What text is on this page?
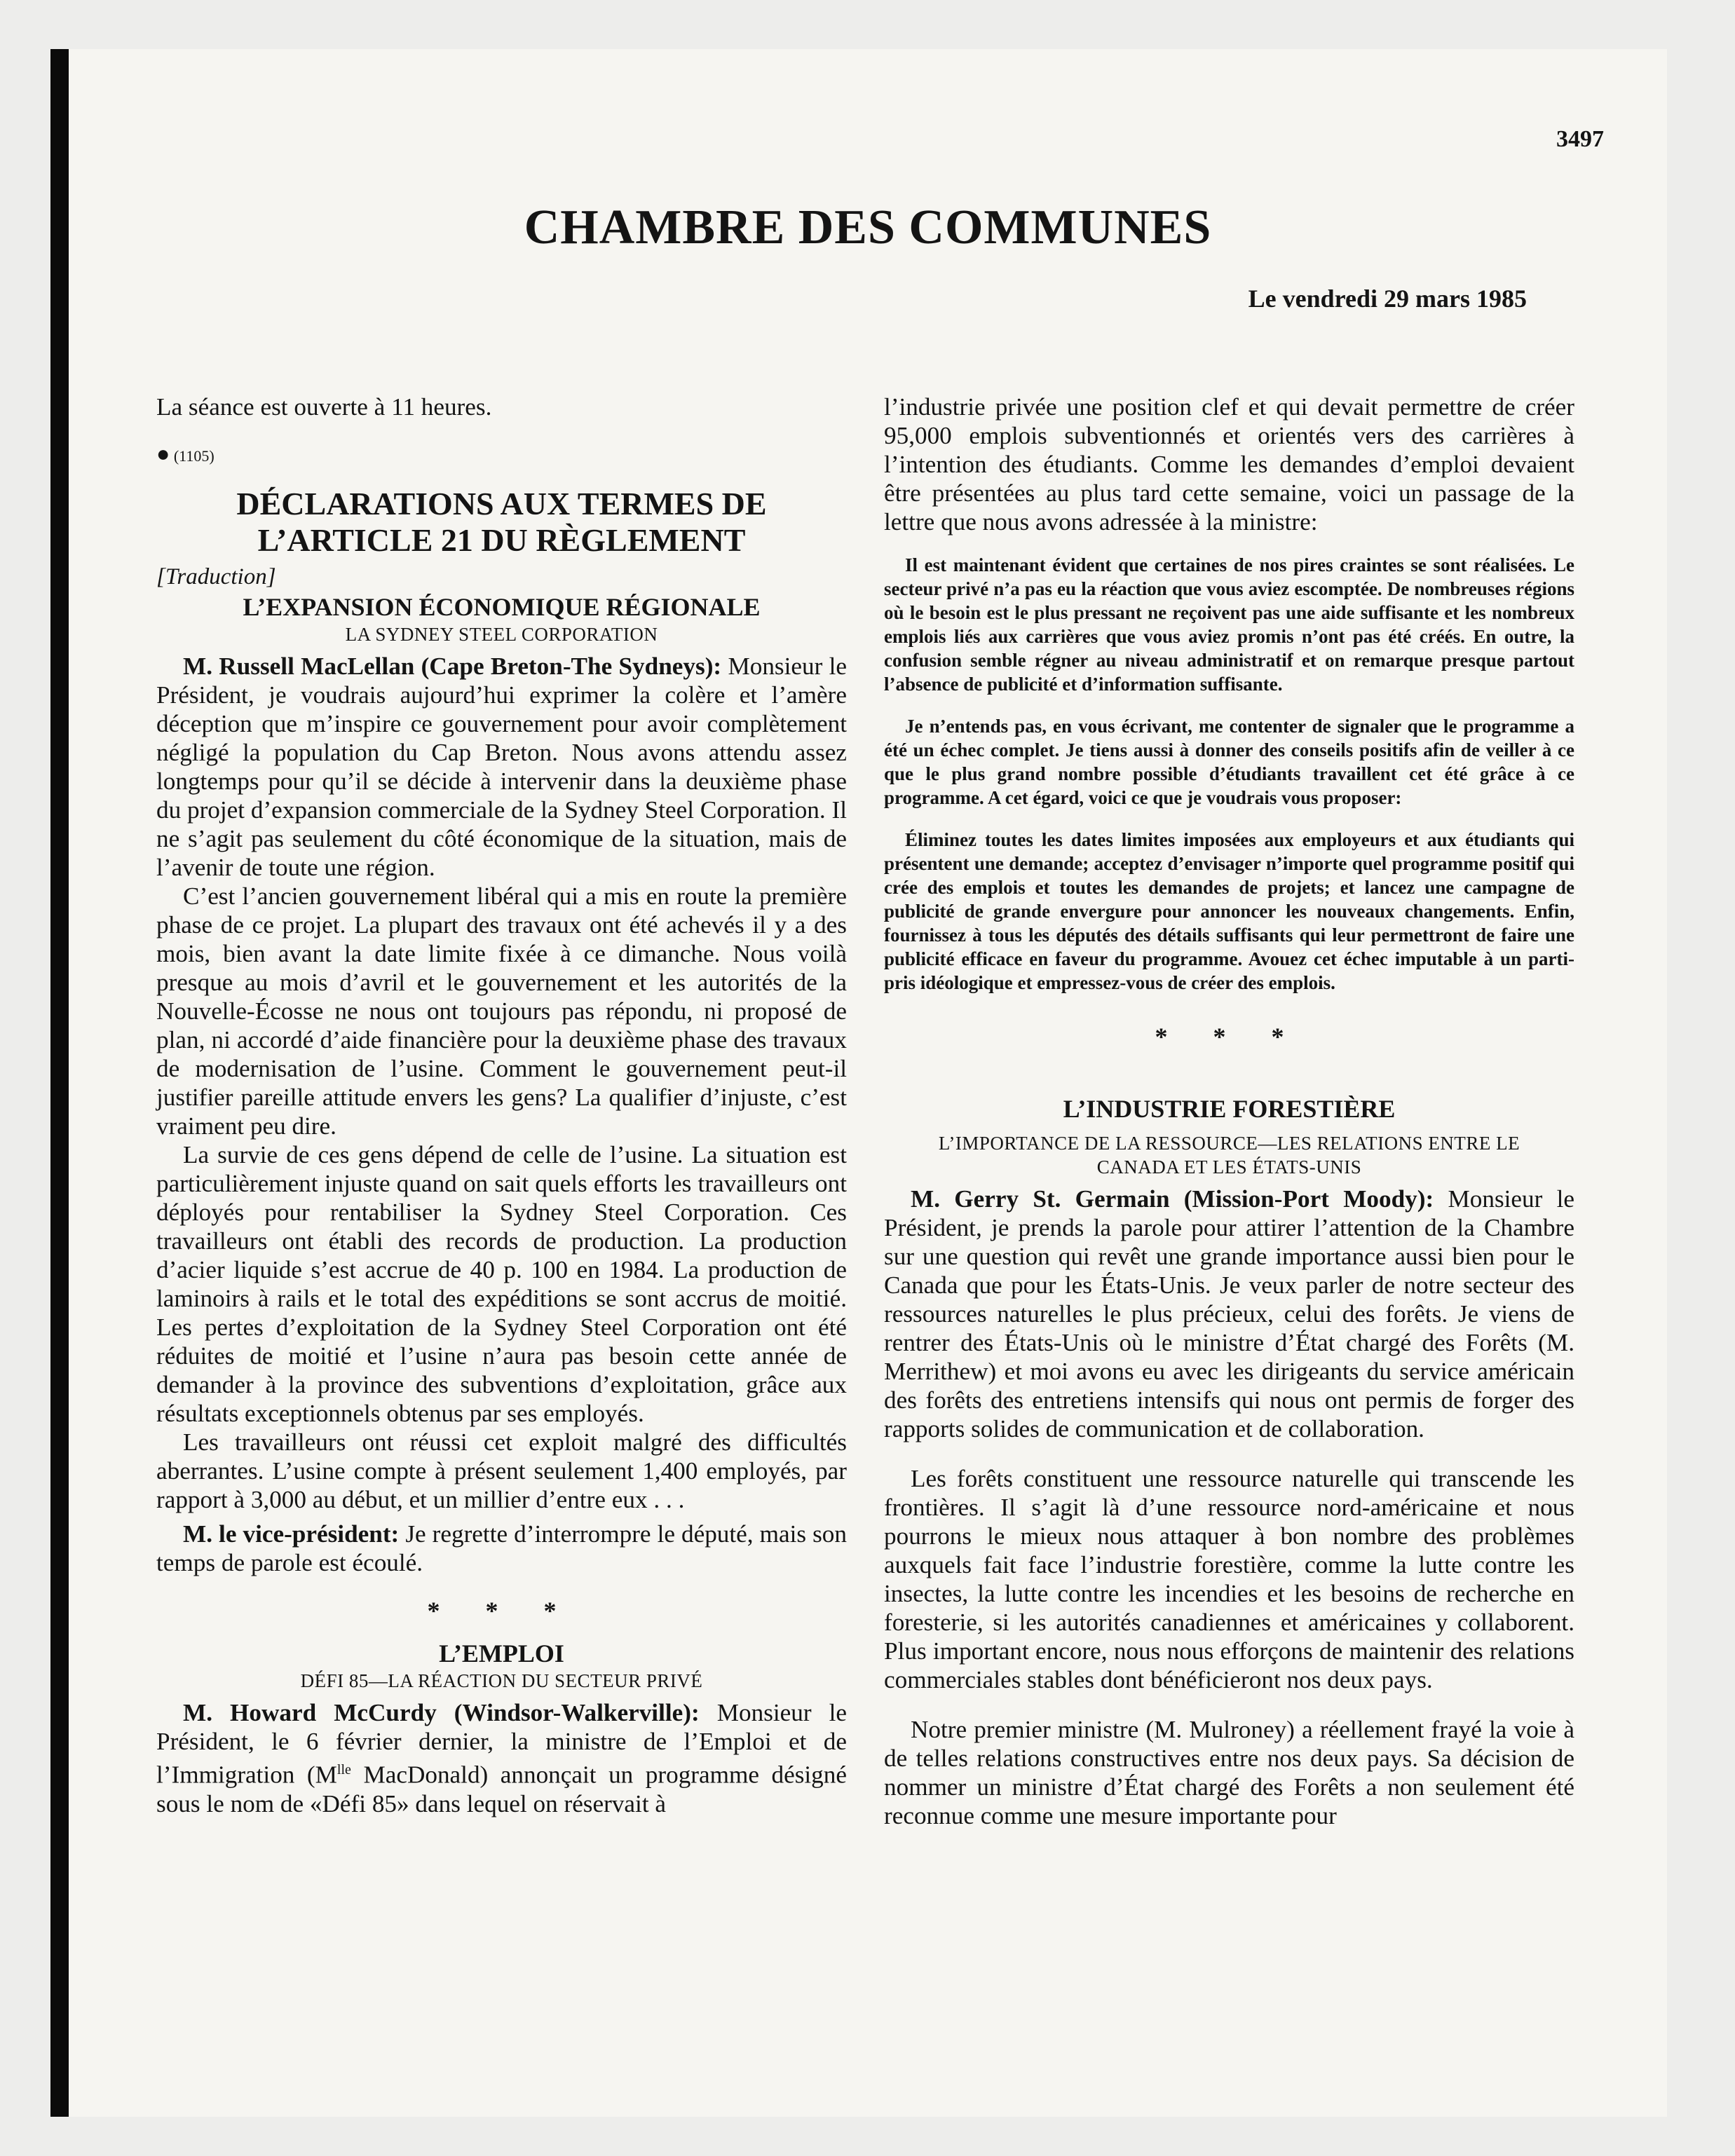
3497
CHAMBRE DES COMMUNES
Le vendredi 29 mars 1985

La séance est ouverte à 11 heures.

● (1105)
DÉCLARATIONS AUX TERMES DE
L’ARTICLE 21 DU RÈGLEMENT
[Traduction]
L’EXPANSION ÉCONOMIQUE RÉGIONALE
LA SYDNEY STEEL CORPORATION

M. Russell MacLellan (Cape Breton-The Sydneys): Monsieur le Président, je voudrais aujourd’hui exprimer la colère et l’amère déception que m’inspire ce gouvernement pour avoir complètement négligé la population du Cap Breton. Nous avons attendu assez longtemps pour qu’il se décide à intervenir dans la deuxième phase du projet d’expansion commerciale de la Sydney Steel Corporation. Il ne s’agit pas seulement du côté économique de la situation, mais de l’avenir de toute une région.

C’est l’ancien gouvernement libéral qui a mis en route la première phase de ce projet. La plupart des travaux ont été achevés il y a des mois, bien avant la date limite fixée à ce dimanche. Nous voilà presque au mois d’avril et le gouvernement et les autorités de la Nouvelle-Écosse ne nous ont toujours pas répondu, ni proposé de plan, ni accordé d’aide financière pour la deuxième phase des travaux de modernisation de l’usine. Comment le gouvernement peut-il justifier pareille attitude envers les gens? La qualifier d’injuste, c’est vraiment peu dire.

La survie de ces gens dépend de celle de l’usine. La situation est particulièrement injuste quand on sait quels efforts les travailleurs ont déployés pour rentabiliser la Sydney Steel Corporation. Ces travailleurs ont établi des records de production. La production d’acier liquide s’est accrue de 40 p. 100 en 1984. La production de laminoirs à rails et le total des expéditions se sont accrus de moitié. Les pertes d’exploitation de la Sydney Steel Corporation ont été réduites de moitié et l’usine n’aura pas besoin cette année de demander à la province des subventions d’exploitation, grâce aux résultats exceptionnels obtenus par ses employés.

Les travailleurs ont réussi cet exploit malgré des difficultés aberrantes. L’usine compte à présent seulement 1,400 employés, par rapport à 3,000 au début, et un millier d’entre eux . . .

M. le vice-président: Je regrette d’interrompre le député, mais son temps de parole est écoulé.

* * *
L’EMPLOI
DÉFI 85—LA RÉACTION DU SECTEUR PRIVÉ

M. Howard McCurdy (Windsor-Walkerville): Monsieur le Président, le 6 février dernier, la ministre de l’Emploi et de l’Immigration ($M^{lle}$ MacDonald) annonçait un programme désigné sous le nom de «Défi 85» dans lequel on réservait à

l’industrie privée une position clef et qui devait permettre de créer 95,000 emplois subventionnés et orientés vers des carrières à l’intention des étudiants. Comme les demandes d’emploi devaient être présentées au plus tard cette semaine, voici un passage de la lettre que nous avons adressée à la ministre:

Il est maintenant évident que certaines de nos pires craintes se sont réalisées. Le secteur privé n’a pas eu la réaction que vous aviez escomptée. De nombreuses régions où le besoin est le plus pressant ne reçoivent pas une aide suffisante et les nombreux emplois liés aux carrières que vous aviez promis n’ont pas été créés. En outre, la confusion semble régner au niveau administratif et on remarque presque partout l’absence de publicité et d’information suffisante.

Je n’entends pas, en vous écrivant, me contenter de signaler que le programme a été un échec complet. Je tiens aussi à donner des conseils positifs afin de veiller à ce que le plus grand nombre possible d’étudiants travaillent cet été grâce à ce programme. A cet égard, voici ce que je voudrais vous proposer:

Éliminez toutes les dates limites imposées aux employeurs et aux étudiants qui présentent une demande; acceptez d’envisager n’importe quel programme positif qui crée des emplois et toutes les demandes de projets; et lancez une campagne de publicité de grande envergure pour annoncer les nouveaux changements. Enfin, fournissez à tous les députés des détails suffisants qui leur permettront de faire une publicité efficace en faveur du programme. Avouez cet échec imputable à un parti-pris idéologique et empressez-vous de créer des emplois.

* * *
L’INDUSTRIE FORESTIÈRE
L’IMPORTANCE DE LA RESSOURCE—LES RELATIONS ENTRE LE
CANADA ET LES ÉTATS-UNIS

M. Gerry St. Germain (Mission-Port Moody): Monsieur le Président, je prends la parole pour attirer l’attention de la Chambre sur une question qui revêt une grande importance aussi bien pour le Canada que pour les États-Unis. Je veux parler de notre secteur des ressources naturelles le plus précieux, celui des forêts. Je viens de rentrer des États-Unis où le ministre d’État chargé des Forêts (M. Merrithew) et moi avons eu avec les dirigeants du service américain des forêts des entretiens intensifs qui nous ont permis de forger des rapports solides de communication et de collaboration.

Les forêts constituent une ressource naturelle qui transcende les frontières. Il s’agit là d’une ressource nord-américaine et nous pourrons le mieux nous attaquer à bon nombre des problèmes auxquels fait face l’industrie forestière, comme la lutte contre les insectes, la lutte contre les incendies et les besoins de recherche en foresterie, si les autorités canadiennes et américaines y collaborent. Plus important encore, nous nous efforçons de maintenir des relations commerciales stables dont bénéficieront nos deux pays.

Notre premier ministre (M. Mulroney) a réellement frayé la voie à de telles relations constructives entre nos deux pays. Sa décision de nommer un ministre d’État chargé des Forêts a non seulement été reconnue comme une mesure importante pour
